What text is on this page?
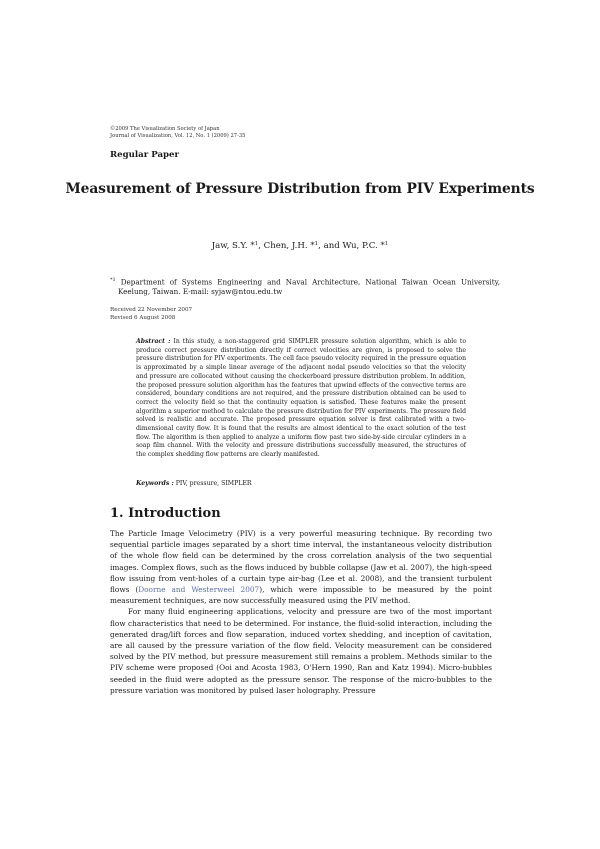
©2009 The Visualization Society of Japan
Journal of Visualization, Vol. 12, No. 1 (2009) 27-35
Regular Paper
Measurement of Pressure Distribution from PIV Experiments
Jaw, S.Y. *$^1$, Chen, J.H. *$^1$, and Wu, P.C. *$^1$
$^{*1}$ Department of Systems Engineering and Naval Architecture, National Taiwan Ocean University, Keelung, Taiwan. E-mail: syjaw@ntou.edu.tw
Received 22 November 2007
Revised 6 August 2008
Abstract : In this study, a non-staggered grid SIMPLER pressure solution algorithm, which is able to produce correct pressure distribution directly if correct velocities are given, is proposed to solve the pressure distribution for PIV experiments. The cell face pseudo velocity required in the pressure equation is approximated by a simple linear average of the adjacent nodal pseudo velocities so that the velocity and pressure are collocated without causing the checkerboard pressure distribution problem. In addition, the proposed pressure solution algorithm has the features that upwind effects of the convective terms are considered, boundary conditions are not required, and the pressure distribution obtained can be used to correct the velocity field so that the continuity equation is satisfied. These features make the present algorithm a superior method to calculate the pressure distribution for PIV experiments. The pressure field solved is realistic and accurate. The proposed pressure equation solver is first calibrated with a two-dimensional cavity flow. It is found that the results are almost identical to the exact solution of the test flow. The algorithm is then applied to analyze a uniform flow past two side-by-side circular cylinders in a soap film channel. With the velocity and pressure distributions successfully measured, the structures of the complex shedding flow patterns are clearly manifested.
Keywords : PIV, pressure, SIMPLER
1. Introduction

The Particle Image Velocimetry (PIV) is a very powerful measuring technique. By recording two sequential particle images separated by a short time interval, the instantaneous velocity distribution of the whole flow field can be determined by the cross correlation analysis of the two sequential images. Complex flows, such as the flows induced by bubble collapse (Jaw et al. 2007), the high-speed flow issuing from vent-holes of a curtain type air-bag (Lee et al. 2008), and the transient turbulent flows (Doorne and Westerweel 2007), which were impossible to be measured by the point measurement techniques, are now successfully measured using the PIV method.

For many fluid engineering applications, velocity and pressure are two of the most important flow characteristics that need to be determined. For instance, the fluid-solid interaction, including the generated drag/lift forces and flow separation, induced vortex shedding, and inception of cavitation, are all caused by the pressure variation of the flow field. Velocity measurement can be considered solved by the PIV method, but pressure measurement still remains a problem. Methods similar to the PIV scheme were proposed (Ooi and Acosta 1983, O'Hern 1990, Ran and Katz 1994). Micro-bubbles seeded in the fluid were adopted as the pressure sensor. The response of the micro-bubbles to the pressure variation was monitored by pulsed laser holography. Pressure
